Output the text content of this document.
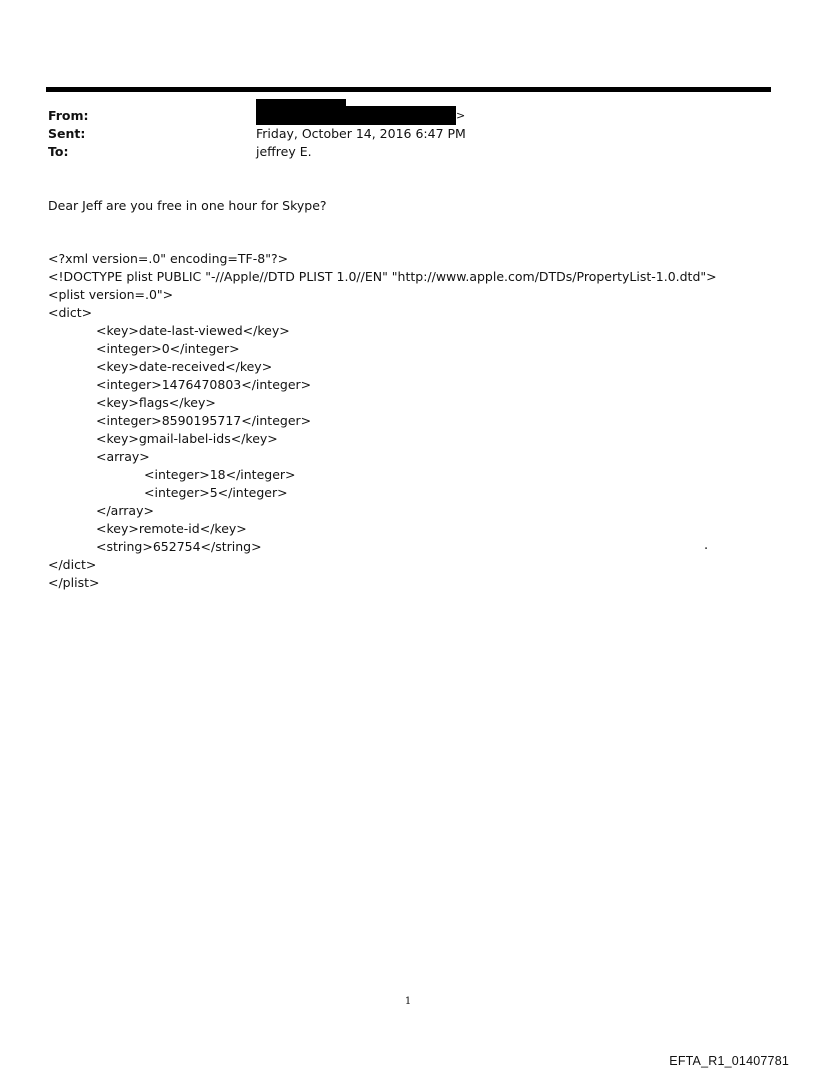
From:
Sent:
To:
>
Friday, October 14, 2016 6:47 PM
jeffrey E.
Dear Jeff are you free in one hour for Skype?
<?xml version=.0" encoding=TF-8"?>
<!DOCTYPE plist PUBLIC "-//Apple//DTD PLIST 1.0//EN" "http://www.apple.com/DTDs/PropertyList-1.0.dtd">
<plist version=.0">
<dict>
<key>date-last-viewed</key>
<integer>0</integer>
<key>date-received</key>
<integer>1476470803</integer>
<key>flags</key>
<integer>8590195717</integer>
<key>gmail-label-ids</key>
<array>
<integer>18</integer>
<integer>5</integer>
</array>
<key>remote-id</key>
<string>652754</string>
</dict>
</plist>
.
1
EFTA_R1_01407781
